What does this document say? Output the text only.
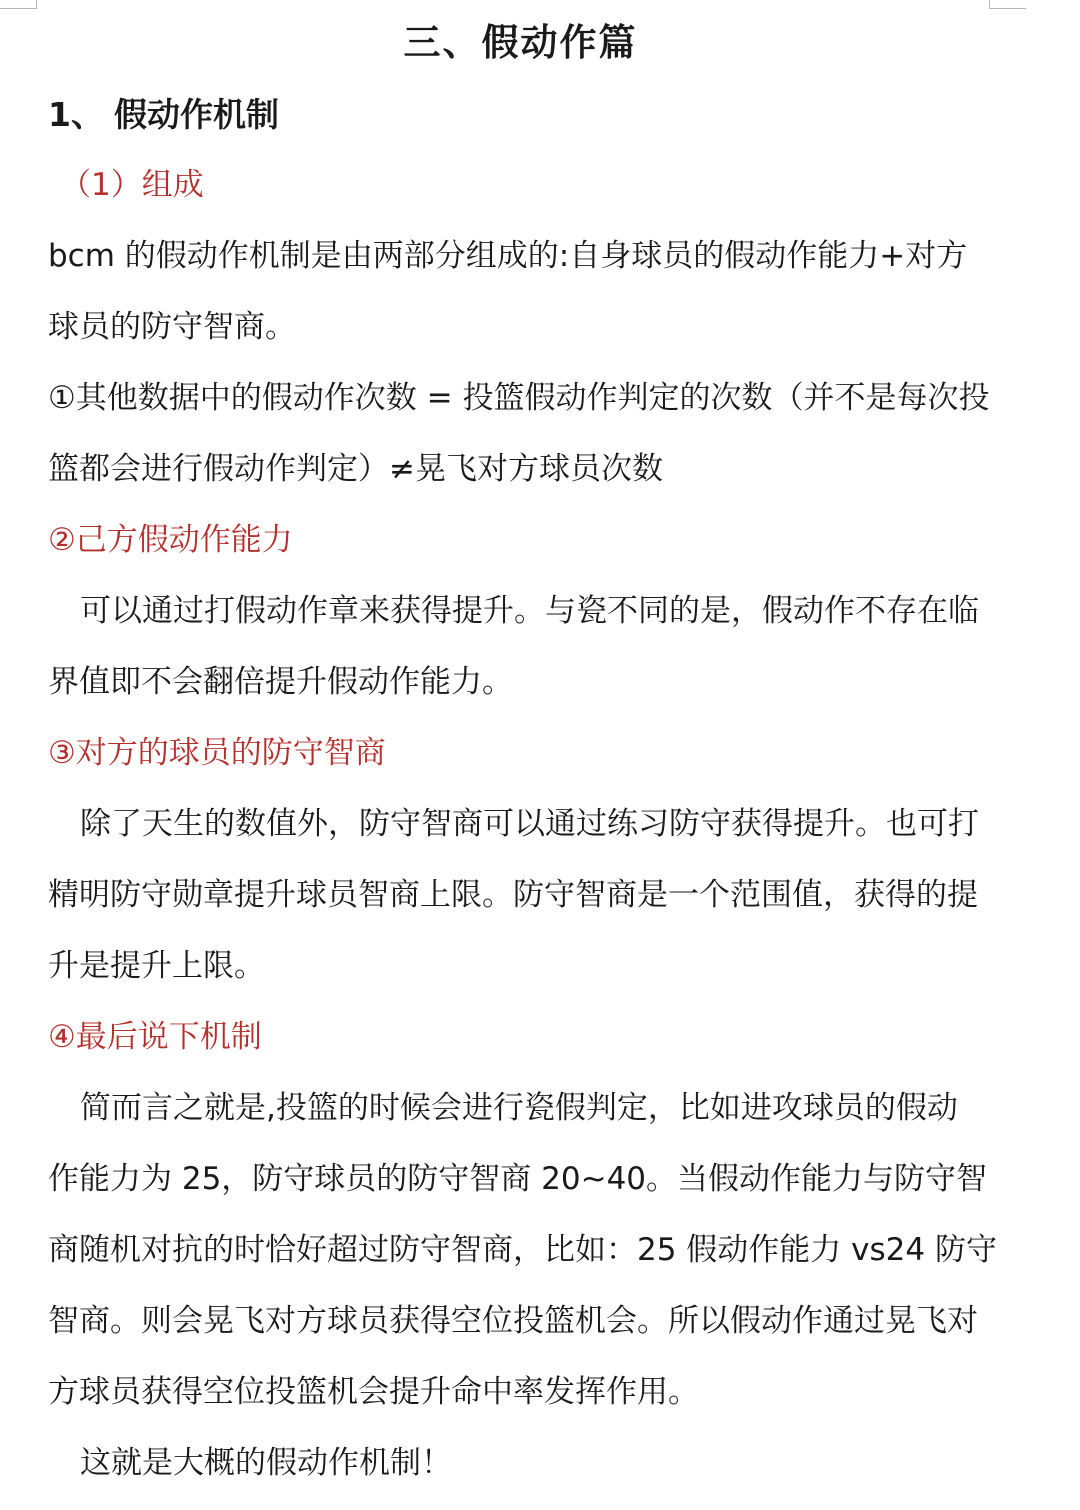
三、假动作篇
1、 假动作机制
（1）组成
bcm 的假动作机制是由两部分组成的:自身球员的假动作能力+对方
球员的防守智商。
①其他数据中的假动作次数 = 投篮假动作判定的次数（并不是每次投
篮都会进行假动作判定）≠晃飞对方球员次数
②己方假动作能力
可以通过打假动作章来获得提升。与瓷不同的是，假动作不存在临
界值即不会翻倍提升假动作能力。
③对方的球员的防守智商
除了天生的数值外，防守智商可以通过练习防守获得提升。也可打
精明防守勋章提升球员智商上限。防守智商是一个范围值，获得的提
升是提升上限。
④最后说下机制
简而言之就是,投篮的时候会进行瓷假判定，比如进攻球员的假动
作能力为 25，防守球员的防守智商 20~40。当假动作能力与防守智
商随机对抗的时恰好超过防守智商，比如：25 假动作能力 vs24 防守
智商。则会晃飞对方球员获得空位投篮机会。所以假动作通过晃飞对
方球员获得空位投篮机会提升命中率发挥作用。
这就是大概的假动作机制！
